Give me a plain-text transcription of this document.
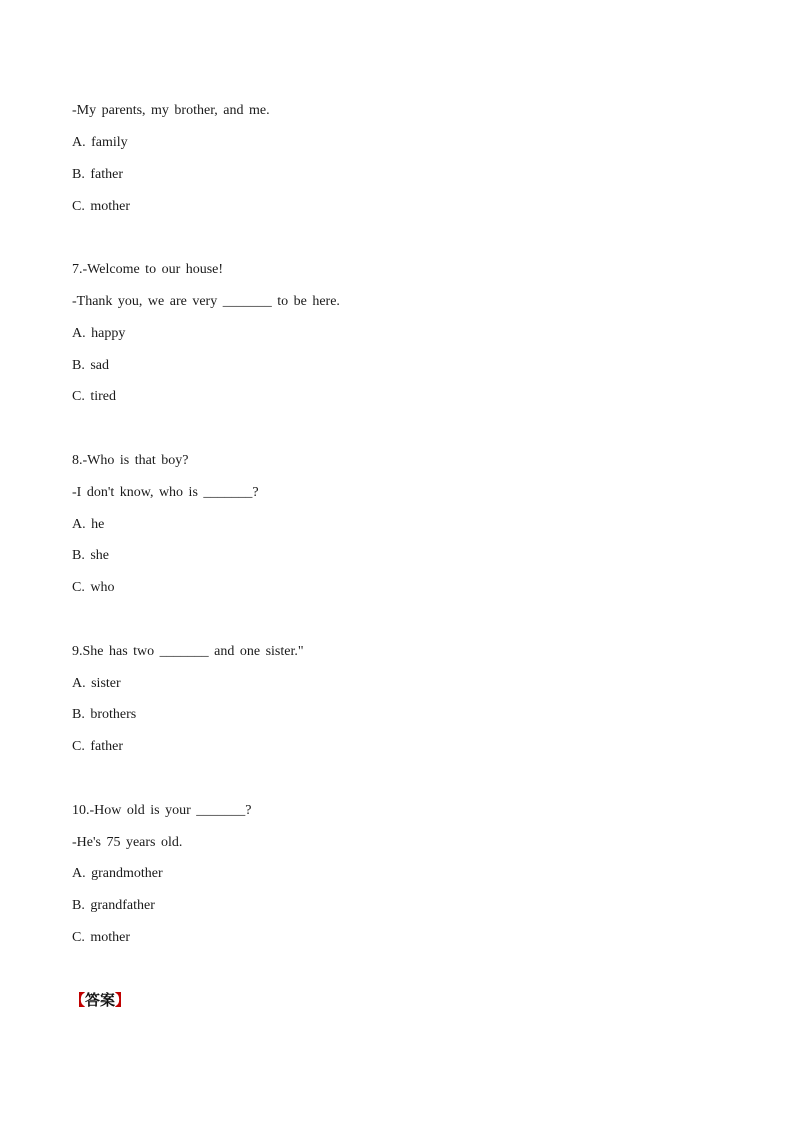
-My parents, my brother, and me.
A. family
B. father
C. mother
7.-Welcome to our house!
-Thank you, we are very _______ to be here.
A. happy
B. sad
C. tired
8.-Who is that boy?
-I don't know, who is _______?
A. he
B. she
C. who
9.She has two _______ and one sister."
A. sister
B. brothers
C. father
10.-How old is your _______?
-He's 75 years old.
A. grandmother
B. grandfather
C. mother
【答案】
